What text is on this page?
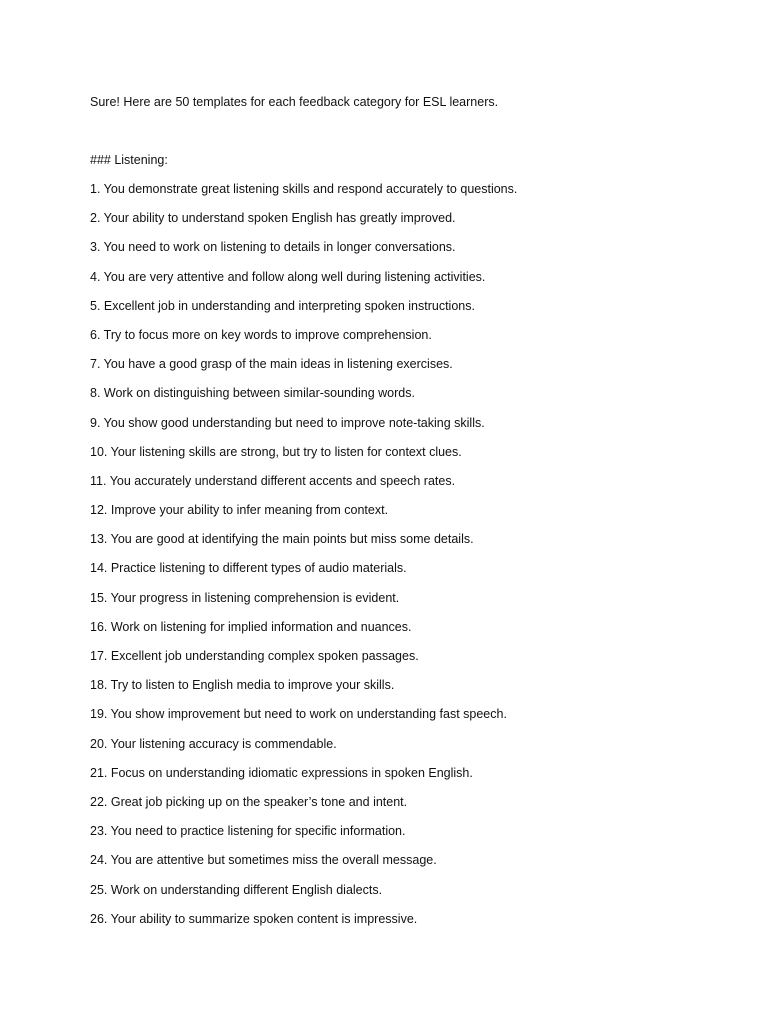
Sure! Here are 50 templates for each feedback category for ESL learners.

### Listening:

1. You demonstrate great listening skills and respond accurately to questions.
2. Your ability to understand spoken English has greatly improved.
3. You need to work on listening to details in longer conversations.
4. You are very attentive and follow along well during listening activities.
5. Excellent job in understanding and interpreting spoken instructions.
6. Try to focus more on key words to improve comprehension.
7. You have a good grasp of the main ideas in listening exercises.
8. Work on distinguishing between similar-sounding words.
9. You show good understanding but need to improve note-taking skills.
10. Your listening skills are strong, but try to listen for context clues.
11. You accurately understand different accents and speech rates.
12. Improve your ability to infer meaning from context.
13. You are good at identifying the main points but miss some details.
14. Practice listening to different types of audio materials.
15. Your progress in listening comprehension is evident.
16. Work on listening for implied information and nuances.
17. Excellent job understanding complex spoken passages.
18. Try to listen to English media to improve your skills.
19. You show improvement but need to work on understanding fast speech.
20. Your listening accuracy is commendable.
21. Focus on understanding idiomatic expressions in spoken English.
22. Great job picking up on the speaker’s tone and intent.
23. You need to practice listening for specific information.
24. You are attentive but sometimes miss the overall message.
25. Work on understanding different English dialects.
26. Your ability to summarize spoken content is impressive.
